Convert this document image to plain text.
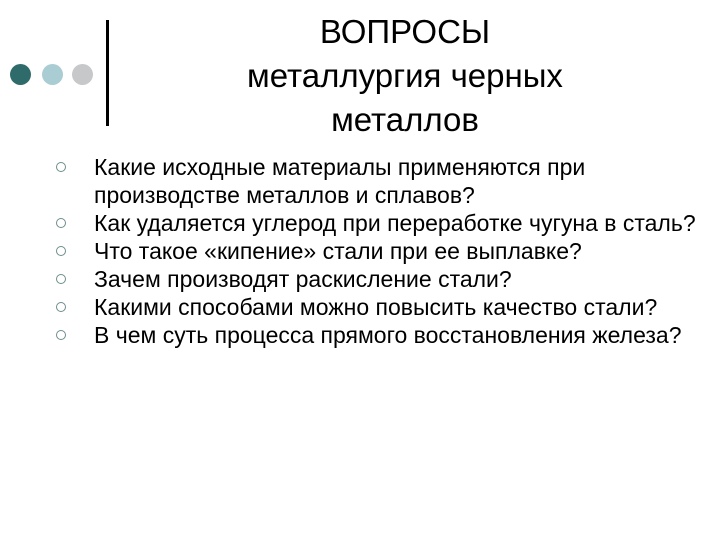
ВОПРОСЫ
металлургия черных
металлов

Какие исходные материалы применяются при производстве металлов и сплавов?

Как удаляется углерод при переработке чугуна в сталь?

Что такое «кипение» стали при ее выплавке?

Зачем производят раскисление стали?

Какими способами можно повысить качество стали?

В чем суть процесса прямого восстановления железа?
